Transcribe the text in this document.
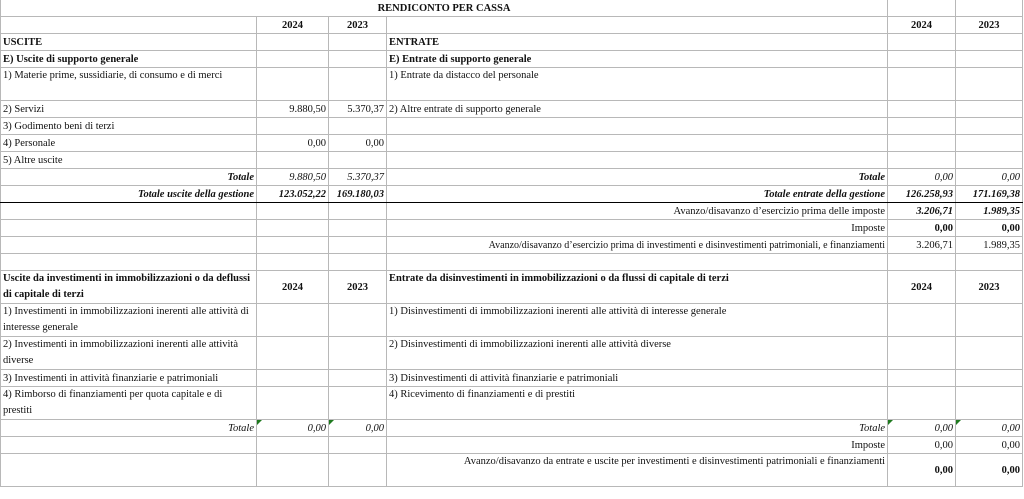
RENDICONTO PER CASSA					
	2024	2023		2024	2023
USCITE			ENTRATE		
E) Uscite di supporto generale			E) Entrate di supporto generale		
1) Materie prime, sussidiarie, di consumo e di merci			1) Entrate da distacco del personale		
2) Servizi	9.880,50	5.370,37	2) Altre entrate di supporto generale		
3) Godimento beni di terzi					
4) Personale	0,00	0,00			
5) Altre uscite					
Totale	9.880,50	5.370,37	Totale	0,00	0,00
Totale uscite della gestione	123.052,22	169.180,03	Totale entrate della gestione	126.258,93	171.169,38
			Avanzo/disavanzo d’esercizio prima delle imposte	3.206,71	1.989,35
			Imposte	0,00	0,00
			Avanzo/disavanzo d’esercizio prima di investimenti e disinvestimenti patrimoniali, e finanziamenti	3.206,71	1.989,35

Uscite da investimenti in immobilizzazioni o da deflussi di capitale di terzi	2024	2023	Entrate da disinvestimenti in immobilizzazioni o da flussi di capitale di terzi	2024	2023
1) Investimenti in immobilizzazioni inerenti alle attività di interesse generale			1) Disinvestimenti di immobilizzazioni inerenti alle attività di interesse generale		
2) Investimenti in immobilizzazioni inerenti alle attività diverse			2) Disinvestimenti di immobilizzazioni inerenti alle attività diverse		
3) Investimenti in attività finanziarie e patrimoniali			3) Disinvestimenti di attività finanziarie e patrimoniali		
4) Rimborso di finanziamenti per quota capitale e di prestiti			4) Ricevimento di finanziamenti e di prestiti		
Totale	0,00	0,00	Totale	0,00	0,00
			Imposte	0,00	0,00
			Avanzo/disavanzo da entrate e uscite per investimenti e disinvestimenti patrimoniali e finanziamenti	0,00	0,00
